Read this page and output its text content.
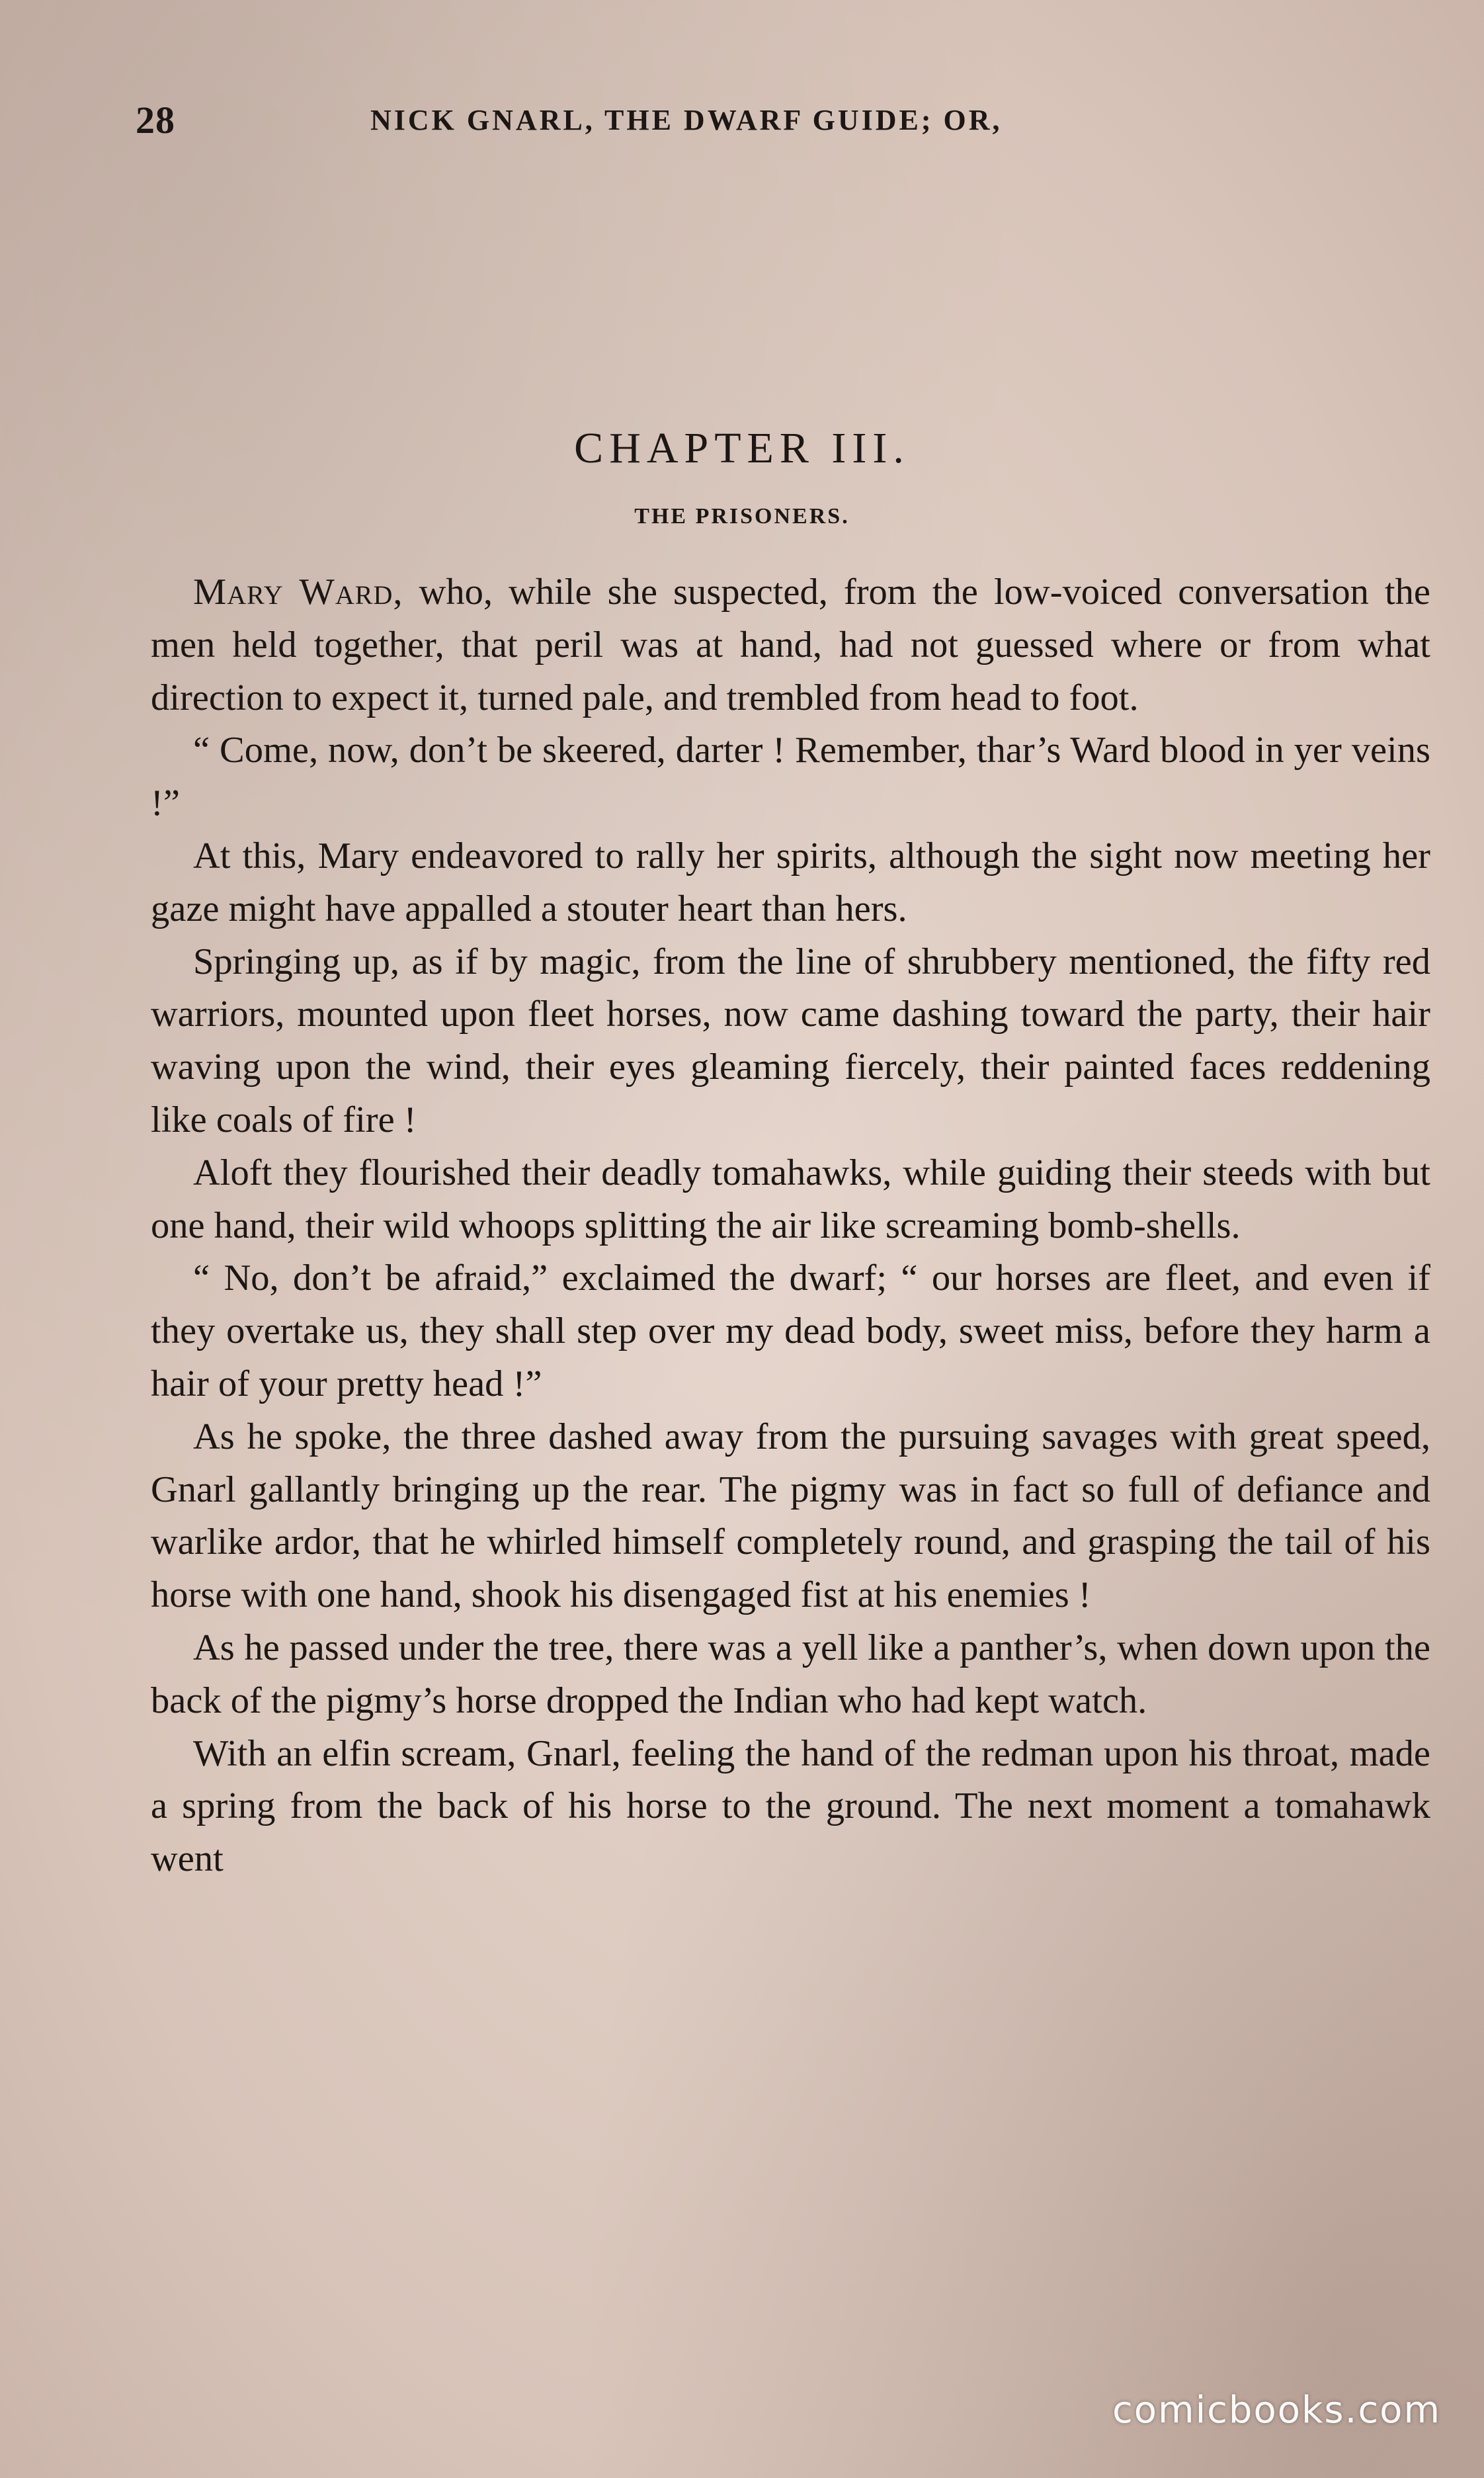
28	NICK GNARL, THE DWARF GUIDE; OR,
CHAPTER III.
THE PRISONERS.

Mary Ward, who, while she suspected, from the low-voiced conversation the men held together, that peril was at hand, had not guessed where or from what direction to expect it, turned pale, and trembled from head to foot.

“ Come, now, don’t be skeered, darter ! Remember, thar’s Ward blood in yer veins !”

At this, Mary endeavored to rally her spirits, although the sight now meeting her gaze might have appalled a stouter heart than hers.

Springing up, as if by magic, from the line of shrubbery mentioned, the fifty red warriors, mounted upon fleet horses, now came dashing toward the party, their hair waving upon the wind, their eyes gleaming fiercely, their painted faces reddening like coals of fire !

Aloft they flourished their deadly tomahawks, while guiding their steeds with but one hand, their wild whoops splitting the air like screaming bomb-shells.

“ No, don’t be afraid,” exclaimed the dwarf; “ our horses are fleet, and even if they overtake us, they shall step over my dead body, sweet miss, before they harm a hair of your pretty head !”

As he spoke, the three dashed away from the pursuing savages with great speed, Gnarl gallantly bringing up the rear. The pigmy was in fact so full of defiance and warlike ardor, that he whirled himself completely round, and grasping the tail of his horse with one hand, shook his disengaged fist at his enemies !

As he passed under the tree, there was a yell like a panther’s, when down upon the back of the pigmy’s horse dropped the Indian who had kept watch.

With an elfin scream, Gnarl, feeling the hand of the redman upon his throat, made a spring from the back of his horse to the ground. The next moment a tomahawk went

comicbooks.com
